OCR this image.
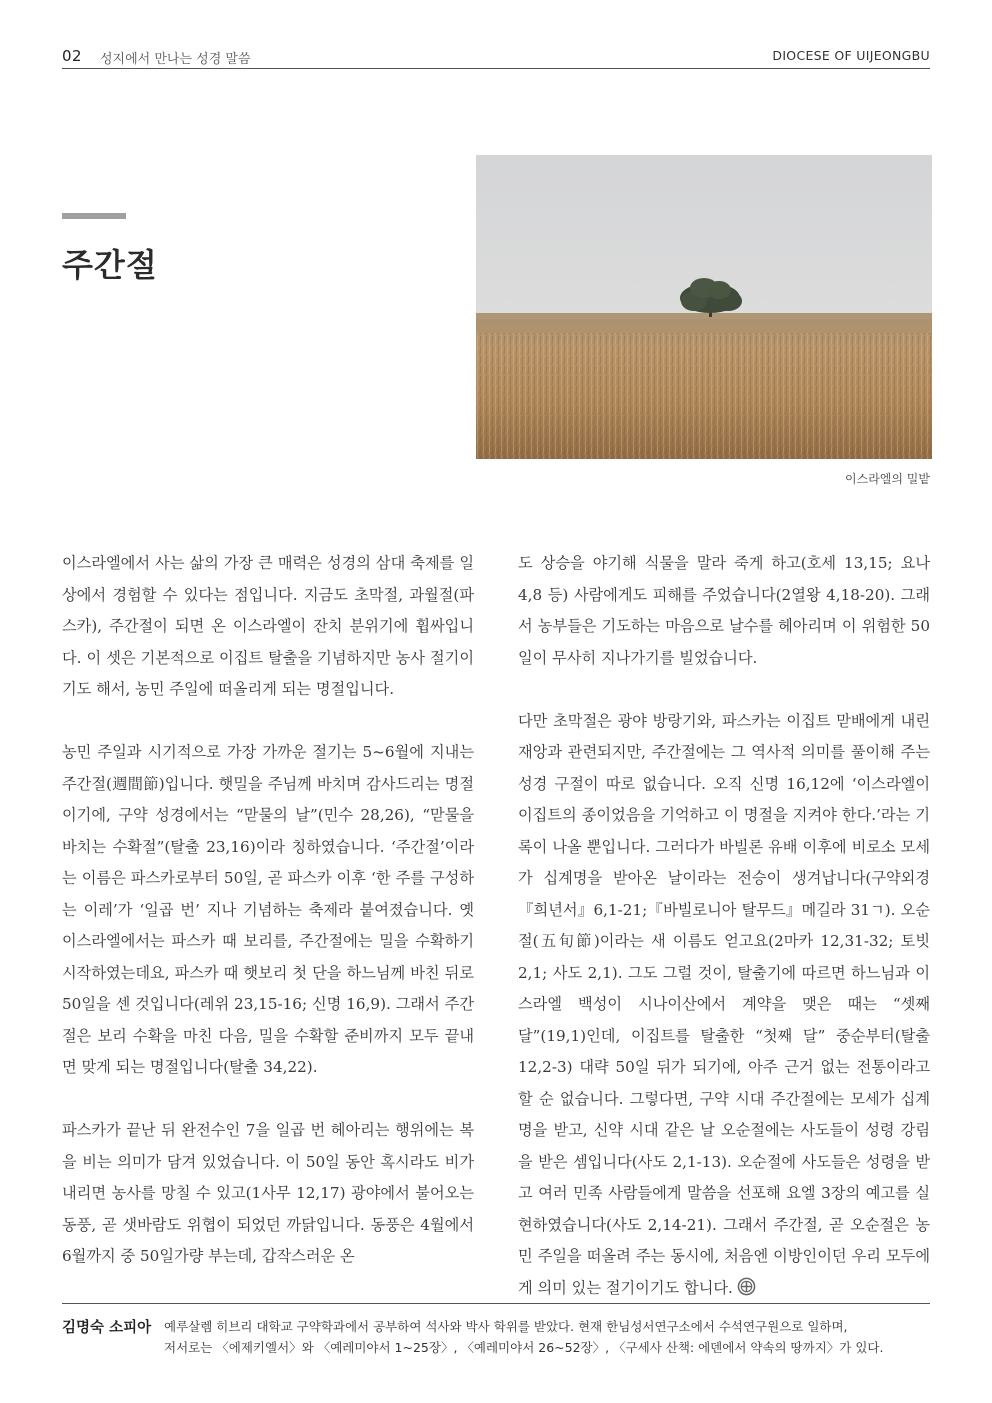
02 성지에서 만나는 성경 말씀	DIOCESE OF UIJEONGBU
주간절
이스라엘의 밀밭

이스라엘에서 사는 삶의 가장 큰 매력은 성경의 삼대 축제를 일상에서 경험할 수 있다는 점입니다. 지금도 초막절, 과월절(파스카), 주간절이 되면 온 이스라엘이 잔치 분위기에 휩싸입니다. 이 셋은 기본적으로 이집트 탈출을 기념하지만 농사 절기이기도 해서, 농민 주일에 떠올리게 되는 명절입니다.

농민 주일과 시기적으로 가장 가까운 절기는 5~6월에 지내는 주간절(週間節)입니다. 햇밀을 주님께 바치며 감사드리는 명절이기에, 구약 성경에서는 “맏물의 날”(민수 28,26), “맏물을 바치는 수확절”(탈출 23,16)이라 칭하였습니다. ‘주간절’이라는 이름은 파스카로부터 50일, 곧 파스카 이후 ‘한 주를 구성하는 이레’가 ‘일곱 번’ 지나 기념하는 축제라 붙여졌습니다. 옛 이스라엘에서는 파스카 때 보리를, 주간절에는 밀을 수확하기 시작하였는데요, 파스카 때 햇보리 첫 단을 하느님께 바친 뒤로 50일을 센 것입니다(레위 23,15-16; 신명 16,9). 그래서 주간절은 보리 수확을 마친 다음, 밀을 수확할 준비까지 모두 끝내면 맞게 되는 명절입니다(탈출 34,22).

파스카가 끝난 뒤 완전수인 7을 일곱 번 헤아리는 행위에는 복을 비는 의미가 담겨 있었습니다. 이 50일 동안 혹시라도 비가 내리면 농사를 망칠 수 있고(1사무 12,17) 광야에서 불어오는 동풍, 곧 샛바람도 위협이 되었던 까닭입니다. 동풍은 4월에서 6월까지 중 50일가량 부는데, 갑작스러운 온

도 상승을 야기해 식물을 말라 죽게 하고(호세 13,15; 요나 4,8 등) 사람에게도 피해를 주었습니다(2열왕 4,18-20). 그래서 농부들은 기도하는 마음으로 날수를 헤아리며 이 위험한 50일이 무사히 지나가기를 빌었습니다.

다만 초막절은 광야 방랑기와, 파스카는 이집트 맏배에게 내린 재앙과 관련되지만, 주간절에는 그 역사적 의미를 풀이해 주는 성경 구절이 따로 없습니다. 오직 신명 16,12에 ‘이스라엘이 이집트의 종이었음을 기억하고 이 명절을 지켜야 한다.’라는 기록이 나올 뿐입니다. 그러다가 바빌론 유배 이후에 비로소 모세가 십계명을 받아온 날이라는 전승이 생겨납니다(구약외경『희년서』6,1-21;『바빌로니아 탈무드』메길라 31ㄱ). 오순절(五旬節)이라는 새 이름도 얻고요(2마카 12,31-32; 토빗 2,1; 사도 2,1). 그도 그럴 것이, 탈출기에 따르면 하느님과 이스라엘 백성이 시나이산에서 계약을 맺은 때는 “셋째 달”(19,1)인데, 이집트를 탈출한 “첫째 달” 중순부터(탈출 12,2-3) 대략 50일 뒤가 되기에, 아주 근거 없는 전통이라고 할 순 없습니다. 그렇다면, 구약 시대 주간절에는 모세가 십계명을 받고, 신약 시대 같은 날 오순절에는 사도들이 성령 강림을 받은 셈입니다(사도 2,1-13). 오순절에 사도들은 성령을 받고 여러 민족 사람들에게 말씀을 선포해 요엘 3장의 예고를 실현하였습니다(사도 2,14-21). 그래서 주간절, 곧 오순절은 농민 주일을 떠올려 주는 동시에, 처음엔 이방인이던 우리 모두에게 의미 있는 절기이기도 합니다.

김명숙 소피아 예루살렘 히브리 대학교 구약학과에서 공부하여 석사와 박사 학위를 받았다. 현재 한님성서연구소에서 수석연구원으로 일하며,
저서로는 〈에제키엘서〉와 〈예레미야서 1~25장〉, 〈예레미야서 26~52장〉, 〈구세사 산책: 에덴에서 약속의 땅까지〉가 있다.
